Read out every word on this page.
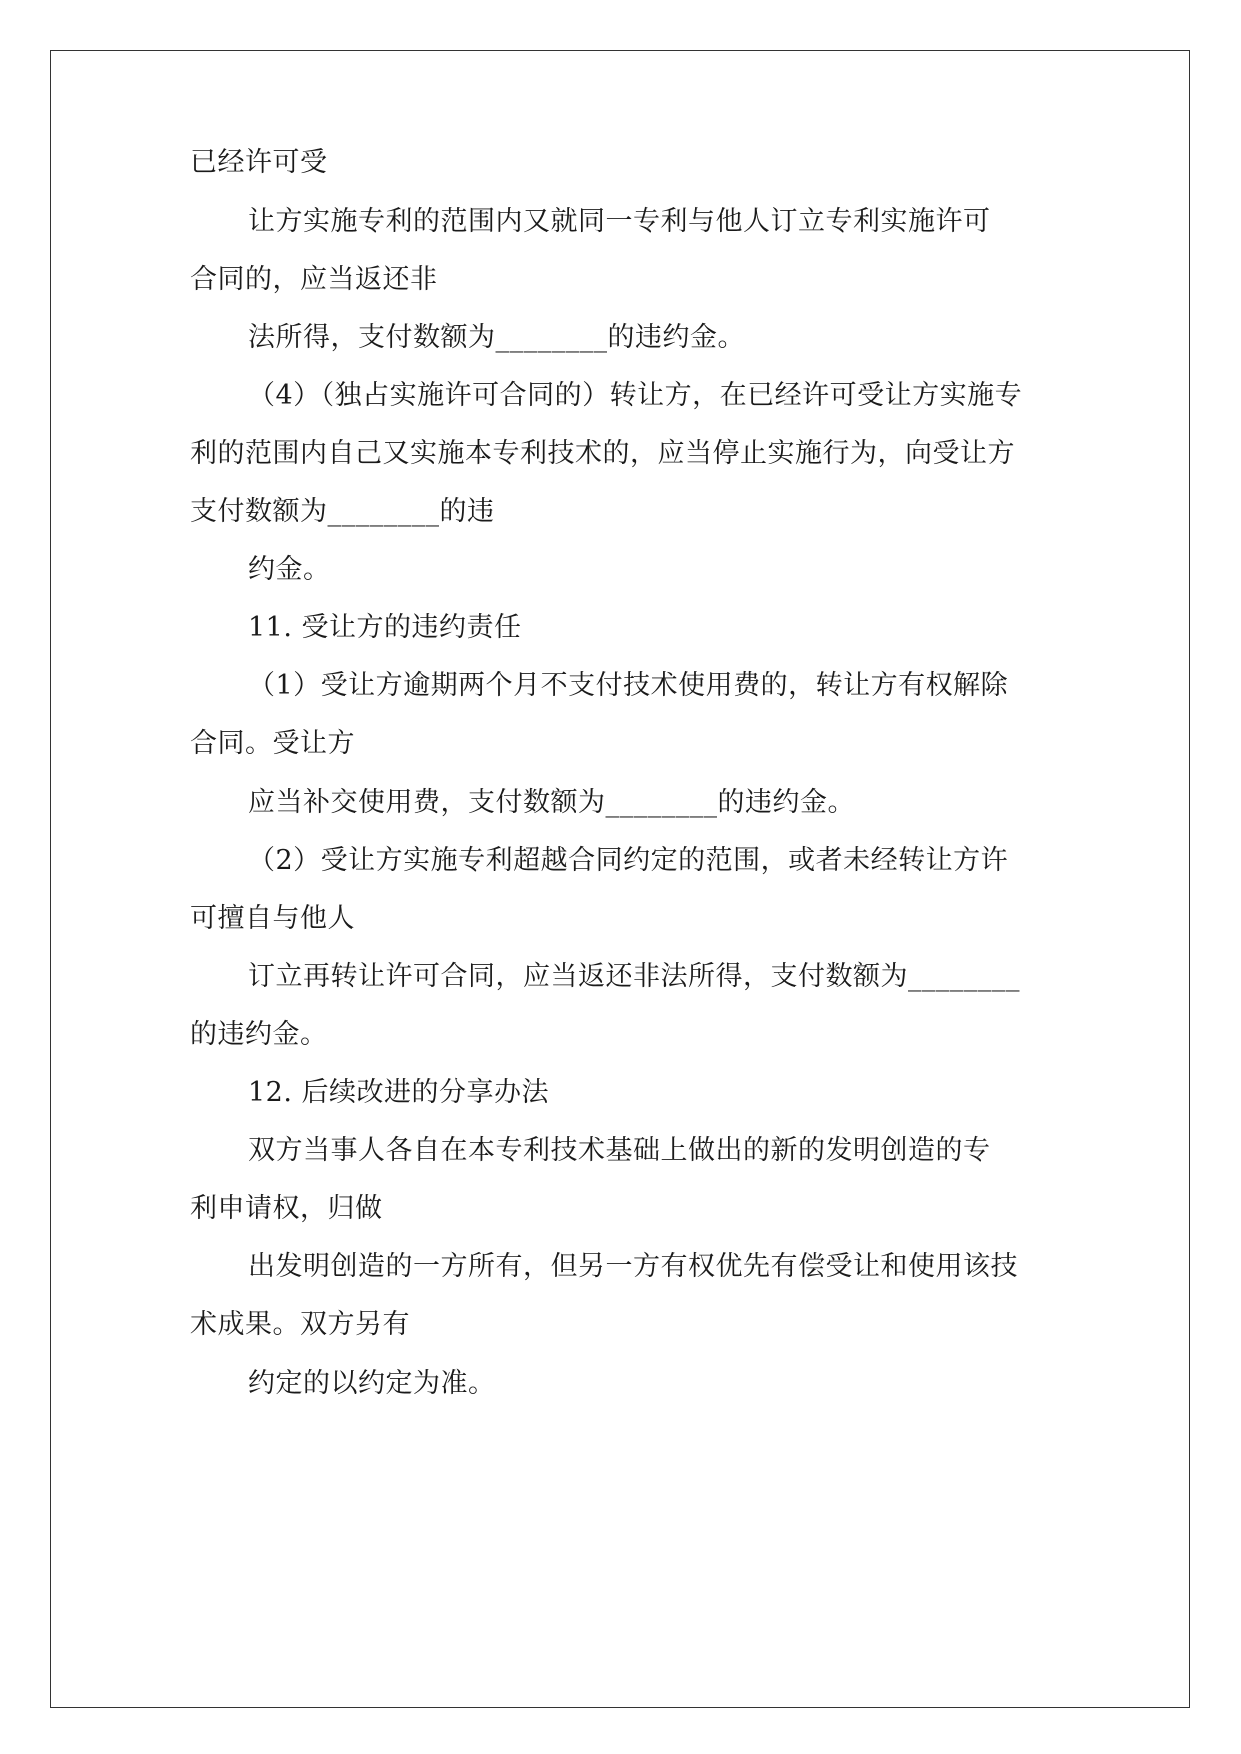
已经许可受
让方实施专利的范围内又就同一专利与他人订立专利实施许可
合同的，应当返还非
法所得，支付数额为________的违约金。
（4）（独占实施许可合同的）转让方，在已经许可受让方实施专
利的范围内自己又实施本专利技术的，应当停止实施行为，向受让方
支付数额为________的违
约金。
11. 受让方的违约责任
（1）受让方逾期两个月不支付技术使用费的，转让方有权解除
合同。受让方
应当补交使用费，支付数额为________的违约金。
（2）受让方实施专利超越合同约定的范围，或者未经转让方许
可擅自与他人
订立再转让许可合同，应当返还非法所得，支付数额为________
的违约金。
12. 后续改进的分享办法
双方当事人各自在本专利技术基础上做出的新的发明创造的专
利申请权，归做
出发明创造的一方所有，但另一方有权优先有偿受让和使用该技
术成果。双方另有
约定的以约定为准。
